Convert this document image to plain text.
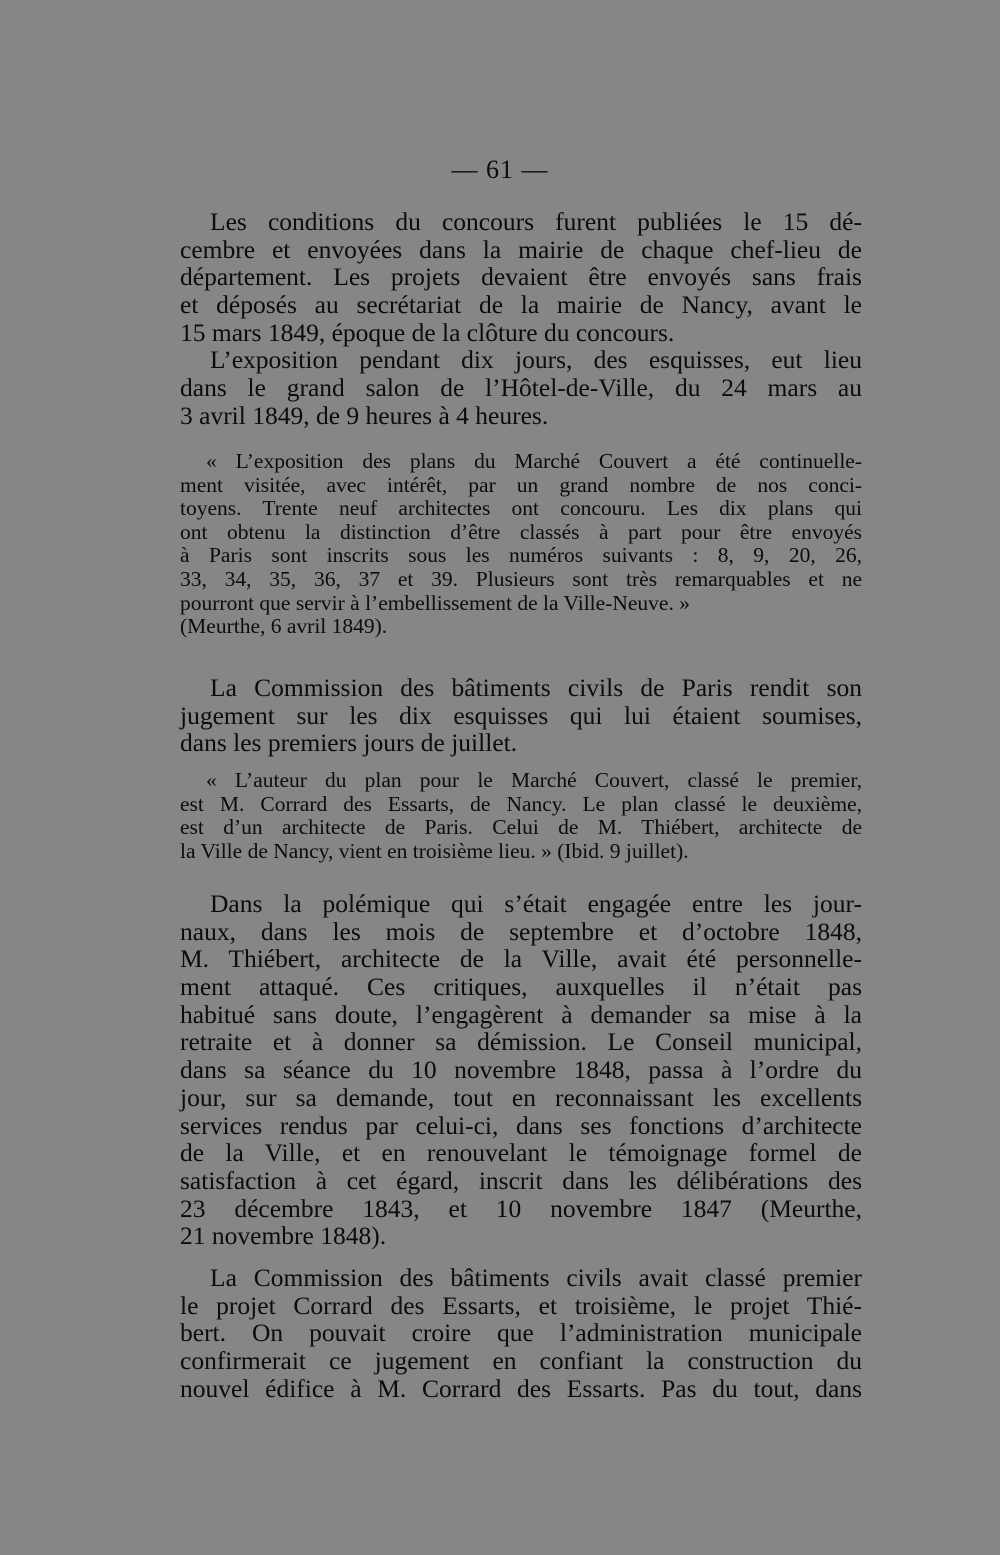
— 61 —
Les conditions du concours furent publiées le 15 dé-
cembre et envoyées dans la mairie de chaque chef-lieu de
département. Les projets devaient être envoyés sans frais
et déposés au secrétariat de la mairie de Nancy, avant le
15 mars 1849, époque de la clôture du concours.
L’exposition pendant dix jours, des esquisses, eut lieu
dans le grand salon de l’Hôtel-de-Ville, du 24 mars au
3 avril 1849, de 9 heures à 4 heures.
« L’exposition des plans du Marché Couvert a été continuelle-
ment visitée, avec intérêt, par un grand nombre de nos conci-
toyens. Trente neuf architectes ont concouru. Les dix plans qui
ont obtenu la distinction d’être classés à part pour être envoyés
à Paris sont inscrits sous les numéros suivants : 8, 9, 20, 26,
33, 34, 35, 36, 37 et 39. Plusieurs sont très remarquables et ne
pourront que servir à l’embellissement de la Ville-Neuve. »
(Meurthe, 6 avril 1849).
La Commission des bâtiments civils de Paris rendit son
jugement sur les dix esquisses qui lui étaient soumises,
dans les premiers jours de juillet.
« L’auteur du plan pour le Marché Couvert, classé le premier,
est M. Corrard des Essarts, de Nancy. Le plan classé le deuxième,
est d’un architecte de Paris. Celui de M. Thiébert, architecte de
la Ville de Nancy, vient en troisième lieu. » (Ibid. 9 juillet).
Dans la polémique qui s’était engagée entre les jour-
naux, dans les mois de septembre et d’octobre 1848,
M. Thiébert, architecte de la Ville, avait été personnelle-
ment attaqué. Ces critiques, auxquelles il n’était pas
habitué sans doute, l’engagèrent à demander sa mise à la
retraite et à donner sa démission. Le Conseil municipal,
dans sa séance du 10 novembre 1848, passa à l’ordre du
jour, sur sa demande, tout en reconnaissant les excellents
services rendus par celui-ci, dans ses fonctions d’architecte
de la Ville, et en renouvelant le témoignage formel de
satisfaction à cet égard, inscrit dans les délibérations des
23 décembre 1843, et 10 novembre 1847 (Meurthe,
21 novembre 1848).
La Commission des bâtiments civils avait classé premier
le projet Corrard des Essarts, et troisième, le projet Thié-
bert. On pouvait croire que l’administration municipale
confirmerait ce jugement en confiant la construction du
nouvel édifice à M. Corrard des Essarts. Pas du tout, dans
